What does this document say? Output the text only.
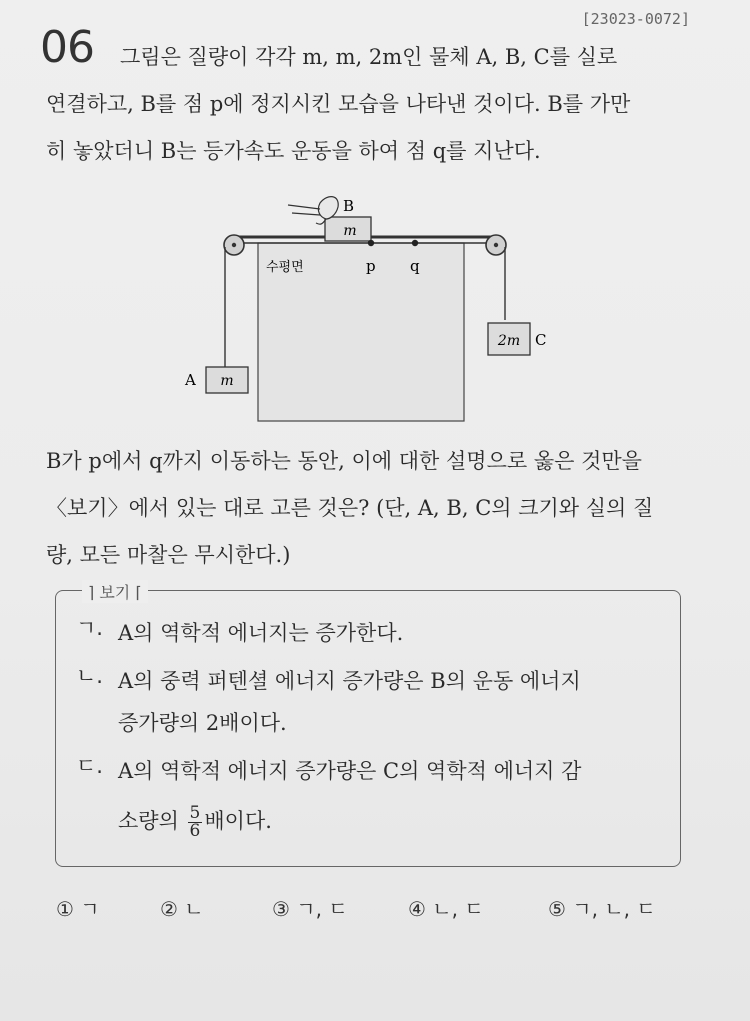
[23023-0072]
06	그림은 질량이 각각 m, m, 2m인 물체 A, B, C를 실로

연결하고, B를 점 p에 정지시킨 모습을 나타낸 것이다. B를 가만

히 놓았더니 B는 등가속도 운동을 하여 점 q를 지난다.

m
B
p q
수평면
2m C
m
A

B가 p에서 q까지 이동하는 동안, 이에 대한 설명으로 옳은 것만을

〈보기〉에서 있는 대로 고른 것은? (단, A, B, C의 크기와 실의 질

량, 모든 마찰은 무시한다.)

⌉ 보기 ⌈
ㄱ. A의 역학적 에너지는 증가한다.
ㄴ. A의 중력 퍼텐셜 에너지 증가량은 B의 운동 에너지
증가량의 2배이다.
ㄷ. A의 역학적 에너지 증가량은 C의 역학적 에너지 감
소량의 $\frac{5}{6}$ 배이다.
① ㄱ	② ㄴ	③ ㄱ, ㄷ	④ ㄴ, ㄷ	⑤ ㄱ, ㄴ, ㄷ
